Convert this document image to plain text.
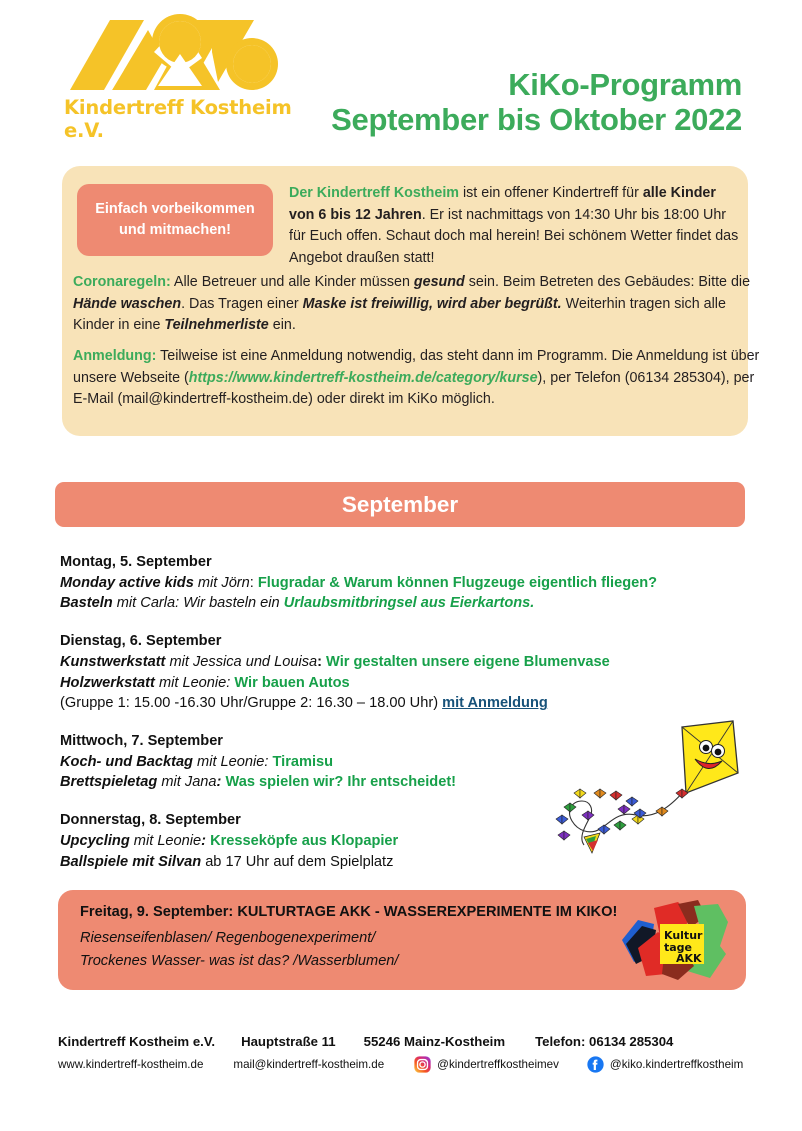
Kindertreff Kostheim e.V.
KiKo-Programm
September bis Oktober 2022
Einfach vorbeikommen
und mitmachen!
Der Kindertreff Kostheim ist ein offener Kindertreff für alle Kinder von 6 bis 12 Jahren. Er ist nachmittags von 14:30 Uhr bis 18:00 Uhr für Euch offen. Schaut doch mal herein! Bei schönem Wetter findet das Angebot draußen statt!
Coronaregeln: Alle Betreuer und alle Kinder müssen gesund sein. Beim Betreten des Gebäudes: Bitte die Hände waschen. Das Tragen einer Maske ist freiwillig, wird aber begrüßt. Weiterhin tragen sich alle Kinder in eine Teilnehmerliste ein.
Anmeldung: Teilweise ist eine Anmeldung notwendig, das steht dann im Programm. Die Anmeldung ist über unsere Webseite (https://www.kindertreff-kostheim.de/category/kurse), per Telefon (06134 285304), per E-Mail (mail@kindertreff-kostheim.de) oder direkt im KiKo möglich.
September
Montag, 5. September
Monday active kids mit Jörn: Flugradar & Warum können Flugzeuge eigentlich fliegen?
Basteln mit Carla: Wir basteln ein Urlaubsmitbringsel aus Eierkartons.
Dienstag, 6. September
Kunstwerkstatt mit Jessica und Louisa: Wir gestalten unsere eigene Blumenvase
Holzwerkstatt mit Leonie: Wir bauen Autos
(Gruppe 1: 15.00 -16.30 Uhr/Gruppe 2: 16.30 – 18.00 Uhr) mit Anmeldung
Mittwoch, 7. September
Koch- und Backtag mit Leonie: Tiramisu
Brettspieletag mit Jana: Was spielen wir? Ihr entscheidet!
Donnerstag, 8. September
Upcycling mit Leonie: Kresseköpfe aus Klopapier
Ballspiele mit Silvan ab 17 Uhr auf dem Spielplatz
Freitag, 9. September: KULTURTAGE AKK - WASSEREXPERIMENTE IM KIKO!
Riesenseifenblasen/ Regenbogenexperiment/
Trockenes Wasser- was ist das? /Wasserblumen/
Kultur
tage
AKK
Kindertreff Kostheim e.V. Hauptstraße 11 55246 Mainz-Kostheim Telefon: 06134 285304
www.kindertreff-kostheim.de	mail@kindertreff-kostheim.de	@kindertreffkostheimev	@kiko.kindertreffkostheim
